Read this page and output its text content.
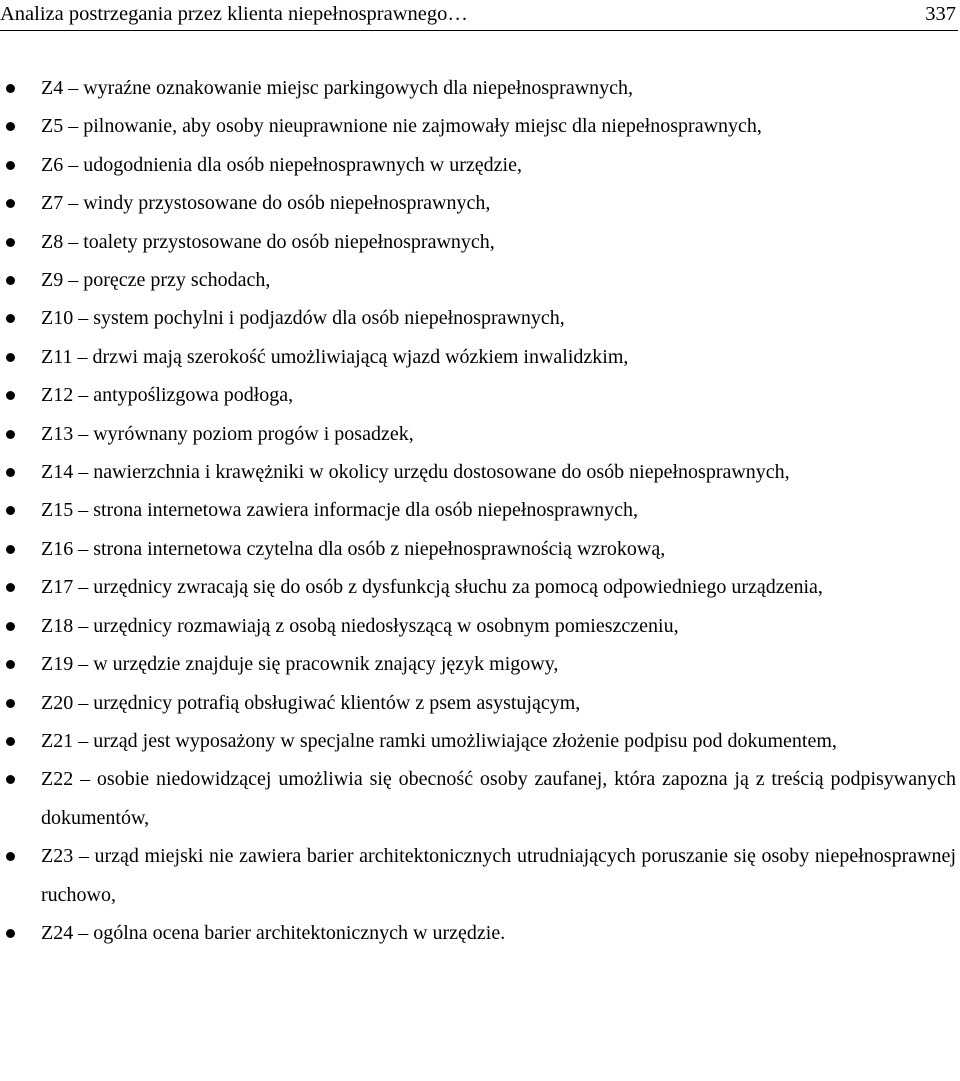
Analiza postrzegania przez klienta niepełnosprawnego…	337
Z4 – wyraźne oznakowanie miejsc parkingowych dla niepełnosprawnych,
Z5 – pilnowanie, aby osoby nieuprawnione nie zajmowały miejsc dla niepełnosprawnych,
Z6 – udogodnienia dla osób niepełnosprawnych w urzędzie,
Z7 – windy przystosowane do osób niepełnosprawnych,
Z8 – toalety przystosowane do osób niepełnosprawnych,
Z9 – poręcze przy schodach,
Z10 – system pochylni i podjazdów dla osób niepełnosprawnych,
Z11 – drzwi mają szerokość umożliwiającą wjazd wózkiem inwalidzkim,
Z12 – antypoślizgowa podłoga,
Z13 – wyrównany poziom progów i posadzek,
Z14 – nawierzchnia i krawężniki w okolicy urzędu dostosowane do osób niepełnosprawnych,
Z15 – strona internetowa zawiera informacje dla osób niepełnosprawnych,
Z16 – strona internetowa czytelna dla osób z niepełnosprawnością wzrokową,
Z17 – urzędnicy zwracają się do osób z dysfunkcją słuchu za pomocą odpowiedniego urządzenia,
Z18 – urzędnicy rozmawiają z osobą niedosłyszącą w osobnym pomieszczeniu,
Z19 – w urzędzie znajduje się pracownik znający język migowy,
Z20 – urzędnicy potrafią obsługiwać klientów z psem asystującym,
Z21 – urząd jest wyposażony w specjalne ramki umożliwiające złożenie podpisu pod dokumentem,
Z22 – osobie niedowidzącej umożliwia się obecność osoby zaufanej, która zapozna ją z treścią podpisywanych dokumentów,
Z23 – urząd miejski nie zawiera barier architektonicznych utrudniających poruszanie się osoby niepełnosprawnej ruchowo,
Z24 – ogólna ocena barier architektonicznych w urzędzie.
